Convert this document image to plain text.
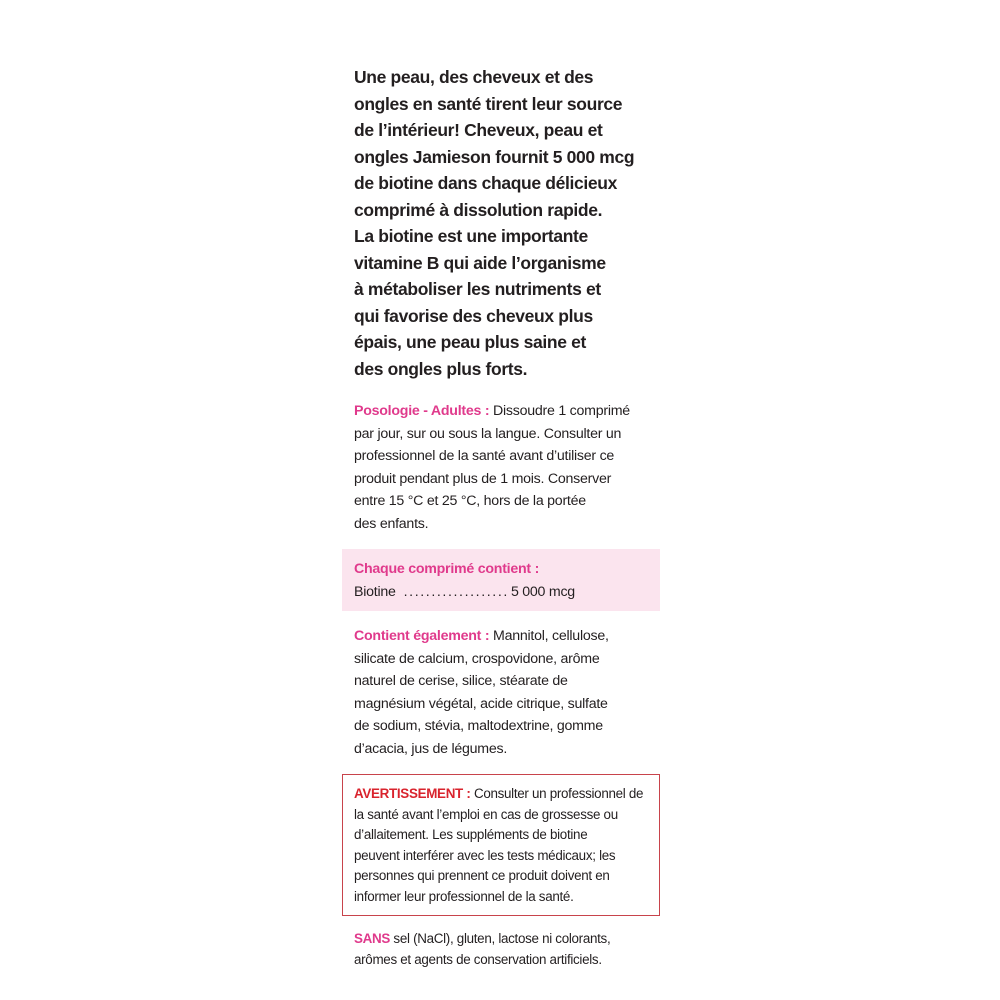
Une peau, des cheveux et des
ongles en santé tirent leur source
de l’intérieur! Cheveux, peau et
ongles Jamieson fournit 5 000 mcg
de biotine dans chaque délicieux
comprimé à dissolution rapide.
La biotine est une importante
vitamine B qui aide l’organisme
à métaboliser les nutriments et
qui favorise des cheveux plus
épais, une peau plus saine et
des ongles plus forts.
Posologie - Adultes : Dissoudre 1 comprimé
par jour, sur ou sous la langue. Consulter un
professionnel de la santé avant d’utiliser ce
produit pendant plus de 1 mois. Conserver
entre 15 °C et 25 °C, hors de la portée
des enfants.
Chaque comprimé contient :
Biotine ................... 5 000 mcg
Contient également : Mannitol, cellulose,
silicate de calcium, crospovidone, arôme
naturel de cerise, silice, stéarate de
magnésium végétal, acide citrique, sulfate
de sodium, stévia, maltodextrine, gomme
d’acacia, jus de légumes.
AVERTISSEMENT : Consulter un professionnel de
la santé avant l’emploi en cas de grossesse ou
d’allaitement. Les suppléments de biotine
peuvent interférer avec les tests médicaux; les
personnes qui prennent ce produit doivent en
informer leur professionnel de la santé.
SANS sel (NaCl), gluten, lactose ni colorants,
arômes et agents de conservation artificiels.
